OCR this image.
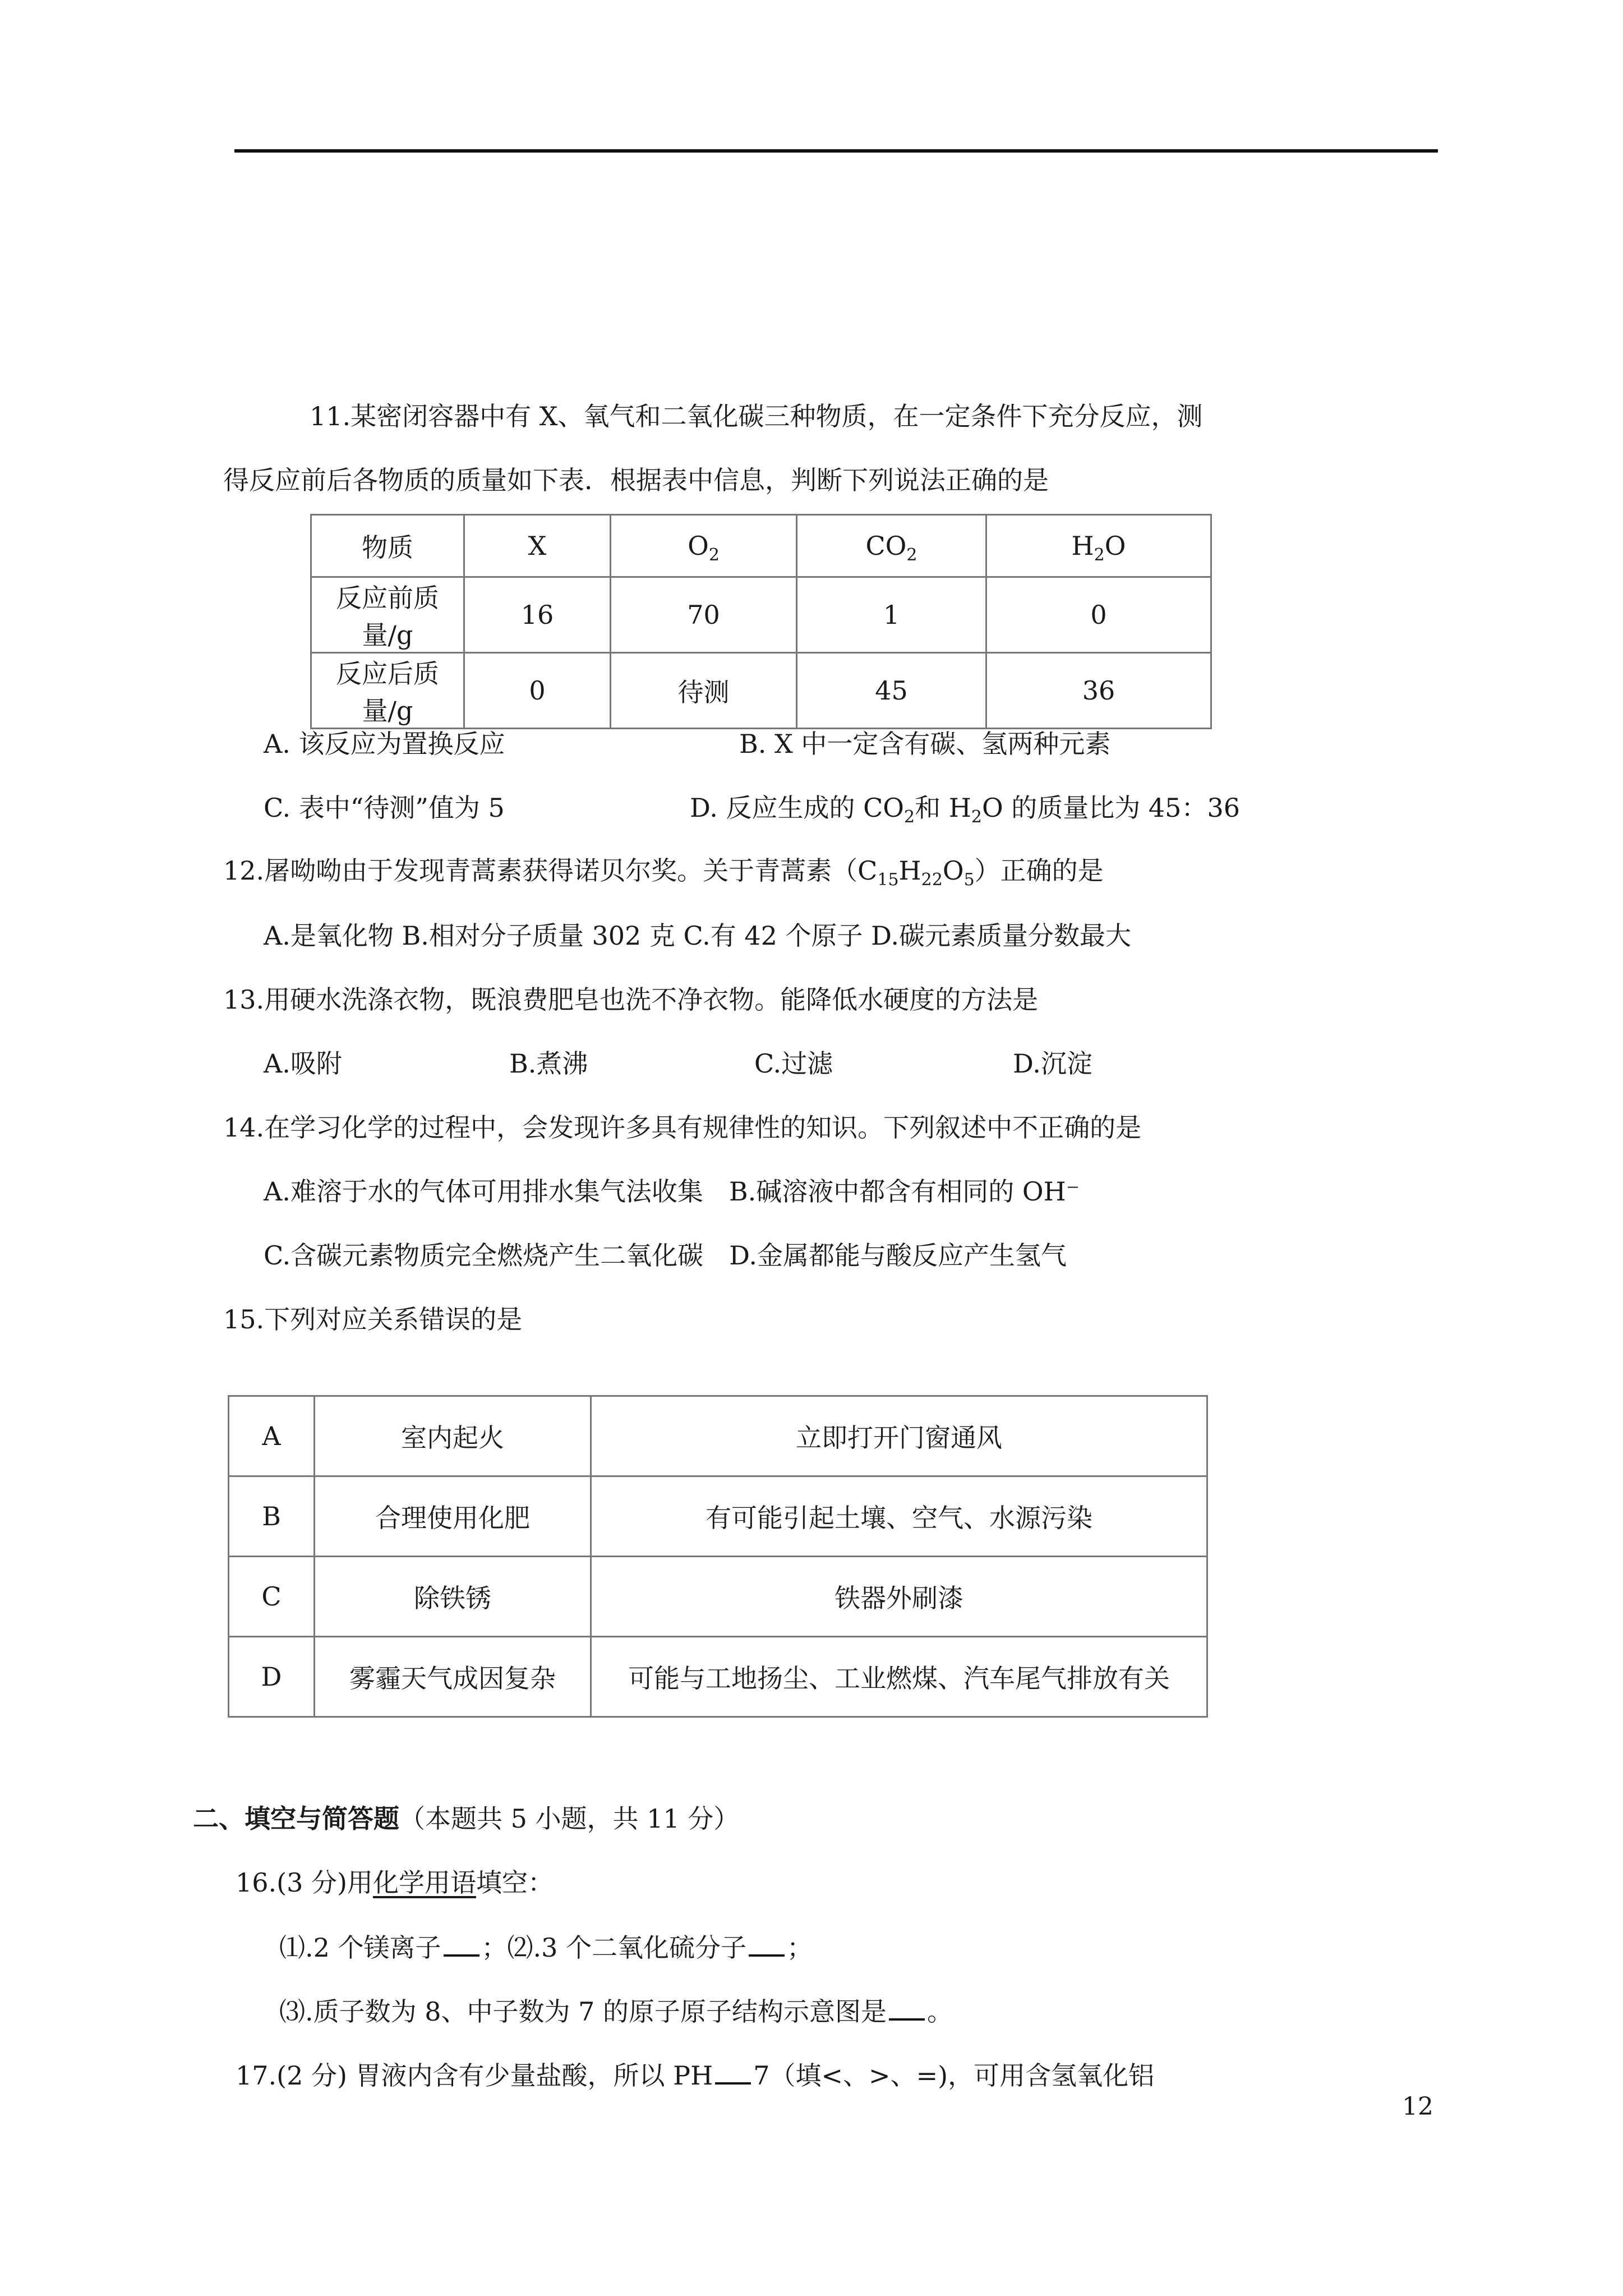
11.某密闭容器中有 X、氧气和二氧化碳三种物质，在一定条件下充分反应，测
得反应前后各物质的质量如下表．根据表中信息，判断下列说法正确的是
物质	X	$O_2$	$CO_2$	$H_2O$
反应前质量/g	16	70	1	0
反应后质量/g	0	待测	45	36
A. 该反应为置换反应	B. X 中一定含有碳、氢两种元素
C. 表中“待测”值为 5	D. 反应生成的 $CO_2$和 $H_2O$ 的质量比为 45：36
12.屠呦呦由于发现青蒿素获得诺贝尔奖。关于青蒿素$(C_{15}H_{22}O_5)$正确的是
A.是氧化物 B.相对分子质量 302 克 C.有 42 个原子 D.碳元素质量分数最大
13.用硬水洗涤衣物，既浪费肥皂也洗不净衣物。能降低水硬度的方法是
A.吸附	B.煮沸	C.过滤	D.沉淀
14.在学习化学的过程中，会发现许多具有规律性的知识。下列叙述中不正确的是
A.难溶于水的气体可用排水集气法收集　B.碱溶液中都含有相同的 OH⁻
C.含碳元素物质完全燃烧产生二氧化碳　D.金属都能与酸反应产生氢气
15.下列对应关系错误的是
A	室内起火	立即打开门窗通风
B	合理使用化肥	有可能引起土壤、空气、水源污染
C	除铁锈	铁器外刷漆
D	雾霾天气成因复杂	可能与工地扬尘、工业燃煤、汽车尾气排放有关
二、填空与简答题（本题共 5 小题，共 11 分）
16.(3 分)用化学用语填空：
⑴.2 个镁离子 ；⑵.3 个二氧化硫分子 ；
⑶.质子数为 8、中子数为 7 的原子原子结构示意图是 。
17.(2 分) 胃液内含有少量盐酸，所以 PH 7（填<、>、=)，可用含氢氧化铝
12
